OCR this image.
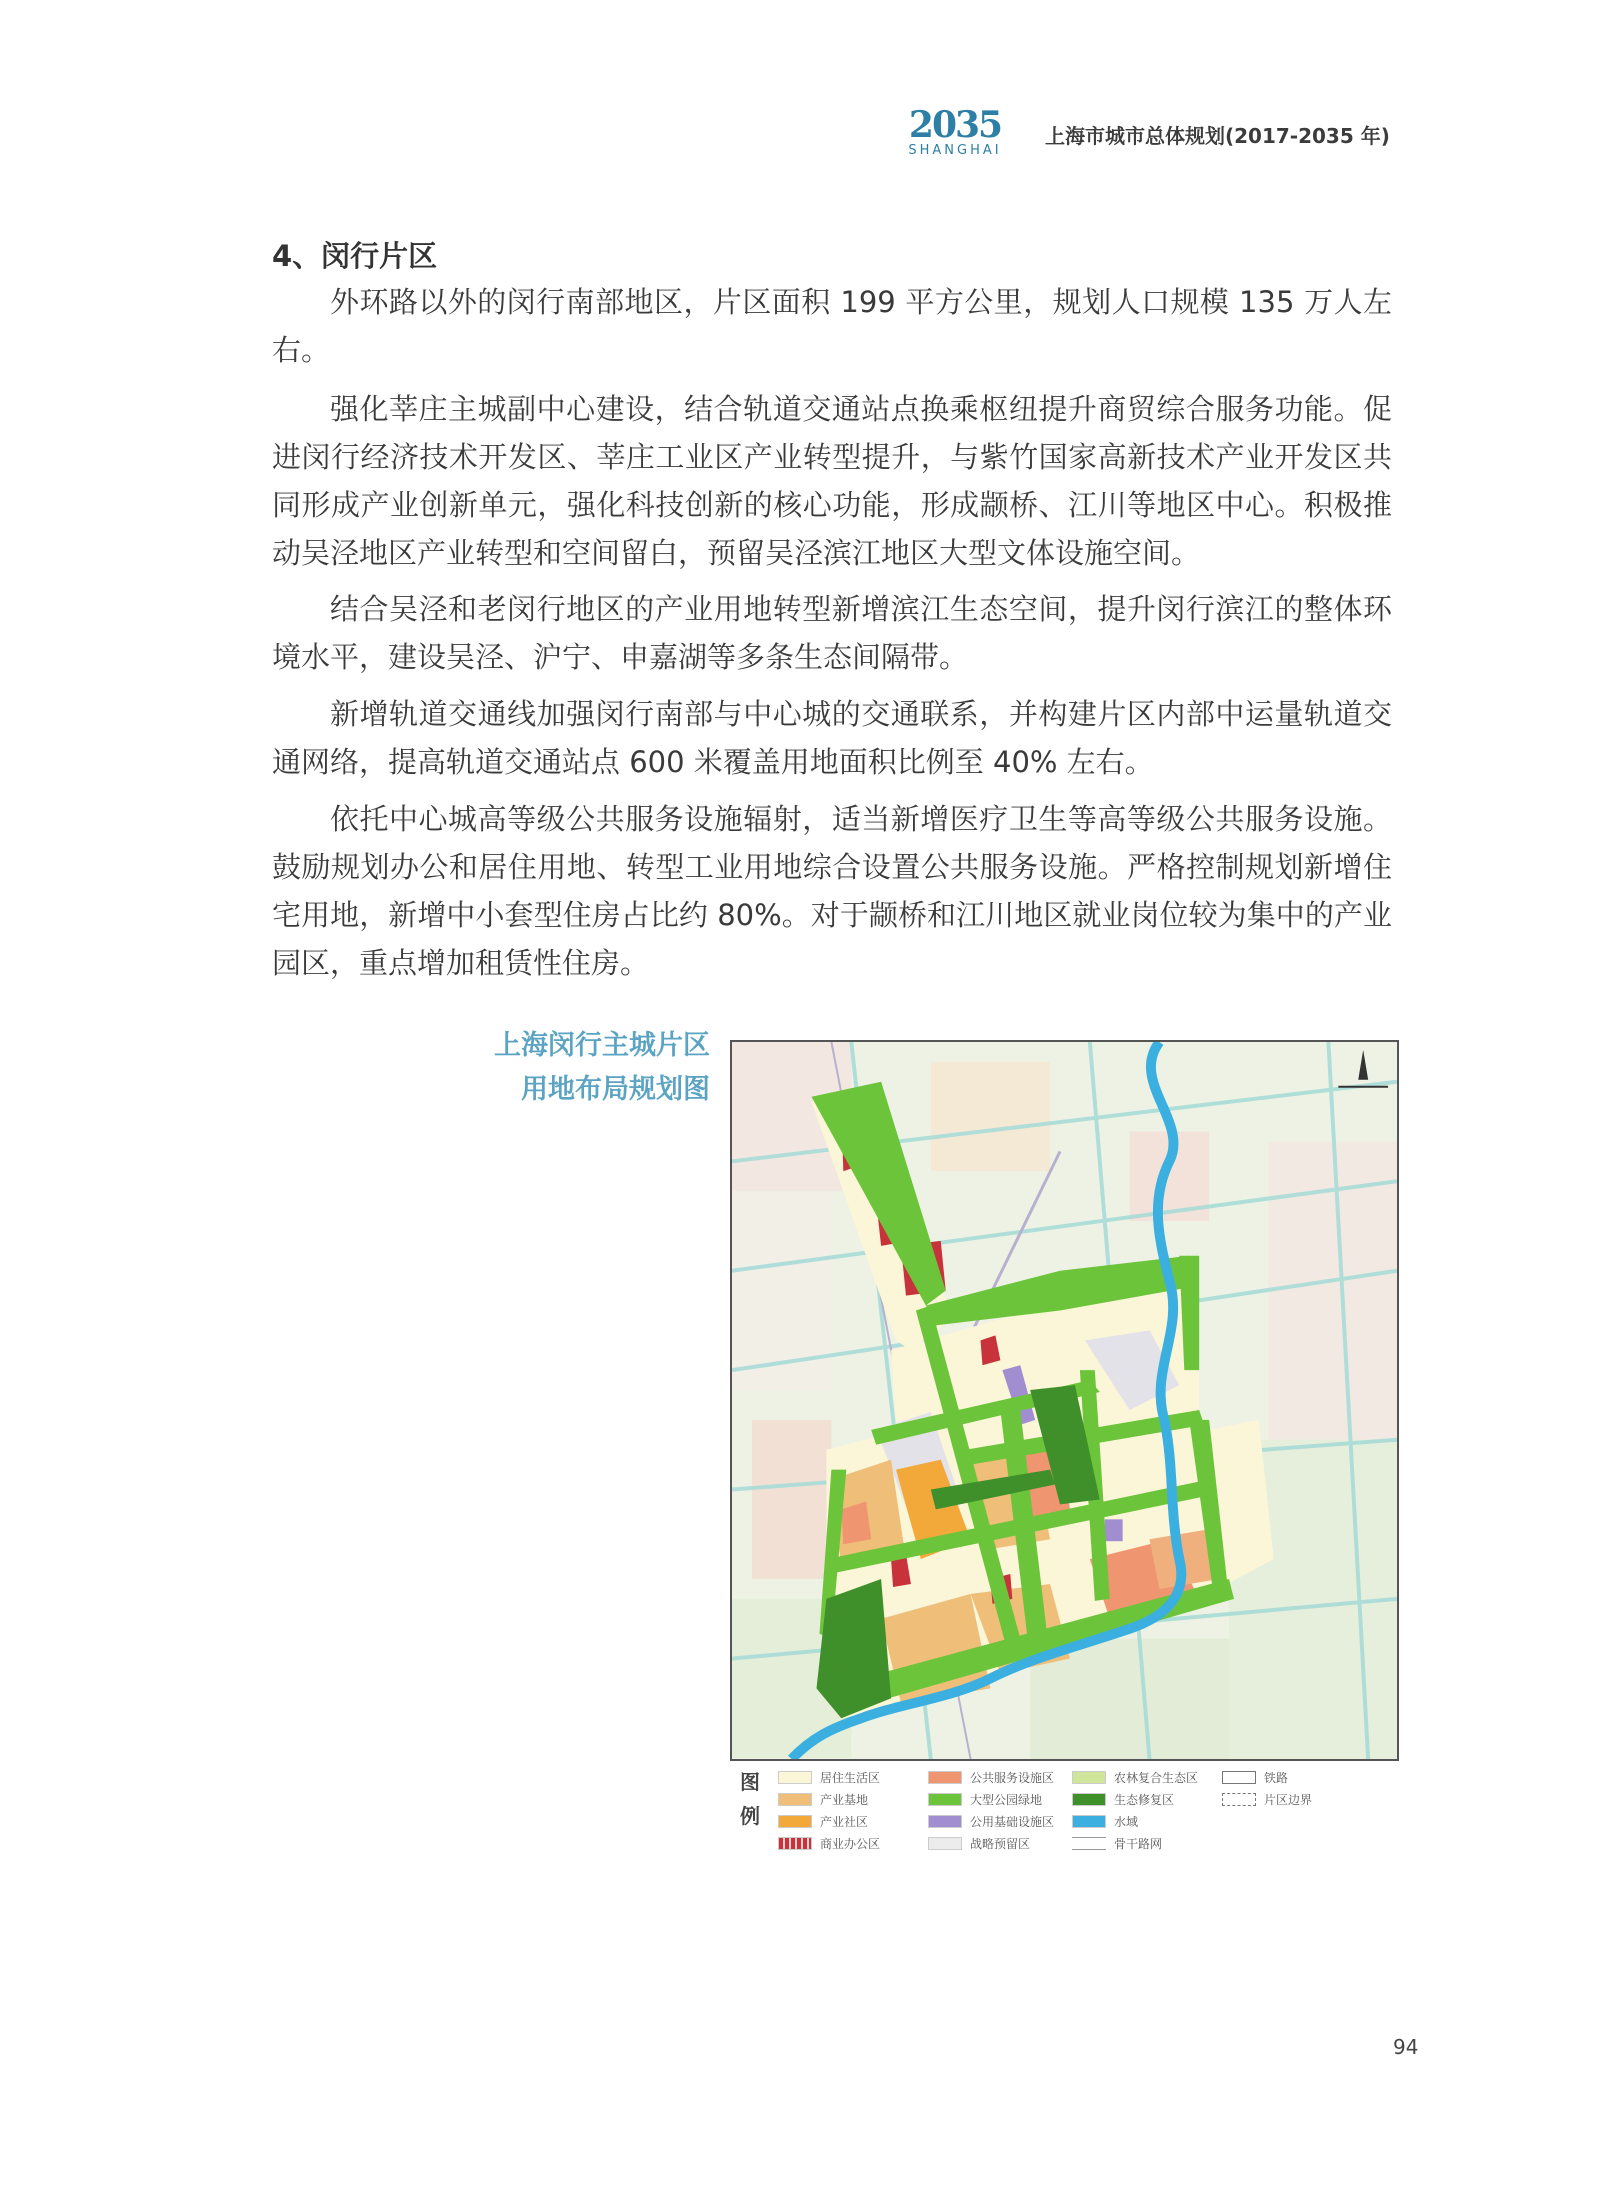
2035
SHANGHAI
上海市城市总体规划(2017-2035 年)
4、闵行片区
外环路以外的闵行南部地区，片区面积 199 平方公里，规划人口规模 135 万人左右。
强化莘庄主城副中心建设，结合轨道交通站点换乘枢纽提升商贸综合服务功能。促进闵行经济技术开发区、莘庄工业区产业转型提升，与紫竹国家高新技术产业开发区共同形成产业创新单元，强化科技创新的核心功能，形成颛桥、江川等地区中心。积极推动吴泾地区产业转型和空间留白，预留吴泾滨江地区大型文体设施空间。
结合吴泾和老闵行地区的产业用地转型新增滨江生态空间，提升闵行滨江的整体环境水平，建设吴泾、沪宁、申嘉湖等多条生态间隔带。
新增轨道交通线加强闵行南部与中心城的交通联系，并构建片区内部中运量轨道交通网络，提高轨道交通站点 600 米覆盖用地面积比例至 40% 左右。
依托中心城高等级公共服务设施辐射，适当新增医疗卫生等高等级公共服务设施。鼓励规划办公和居住用地、转型工业用地综合设置公共服务设施。严格控制规划新增住宅用地，新增中小套型住房占比约 80%。对于颛桥和江川地区就业岗位较为集中的产业园区，重点增加租赁性住房。
上海闵行主城片区
用地布局规划图
图
例
居住生活区
产业基地
产业社区
商业办公区
公共服务设施区
大型公园绿地
公用基础设施区
战略预留区
农林复合生态区
生态修复区
水域
骨干路网
铁路
片区边界
94
